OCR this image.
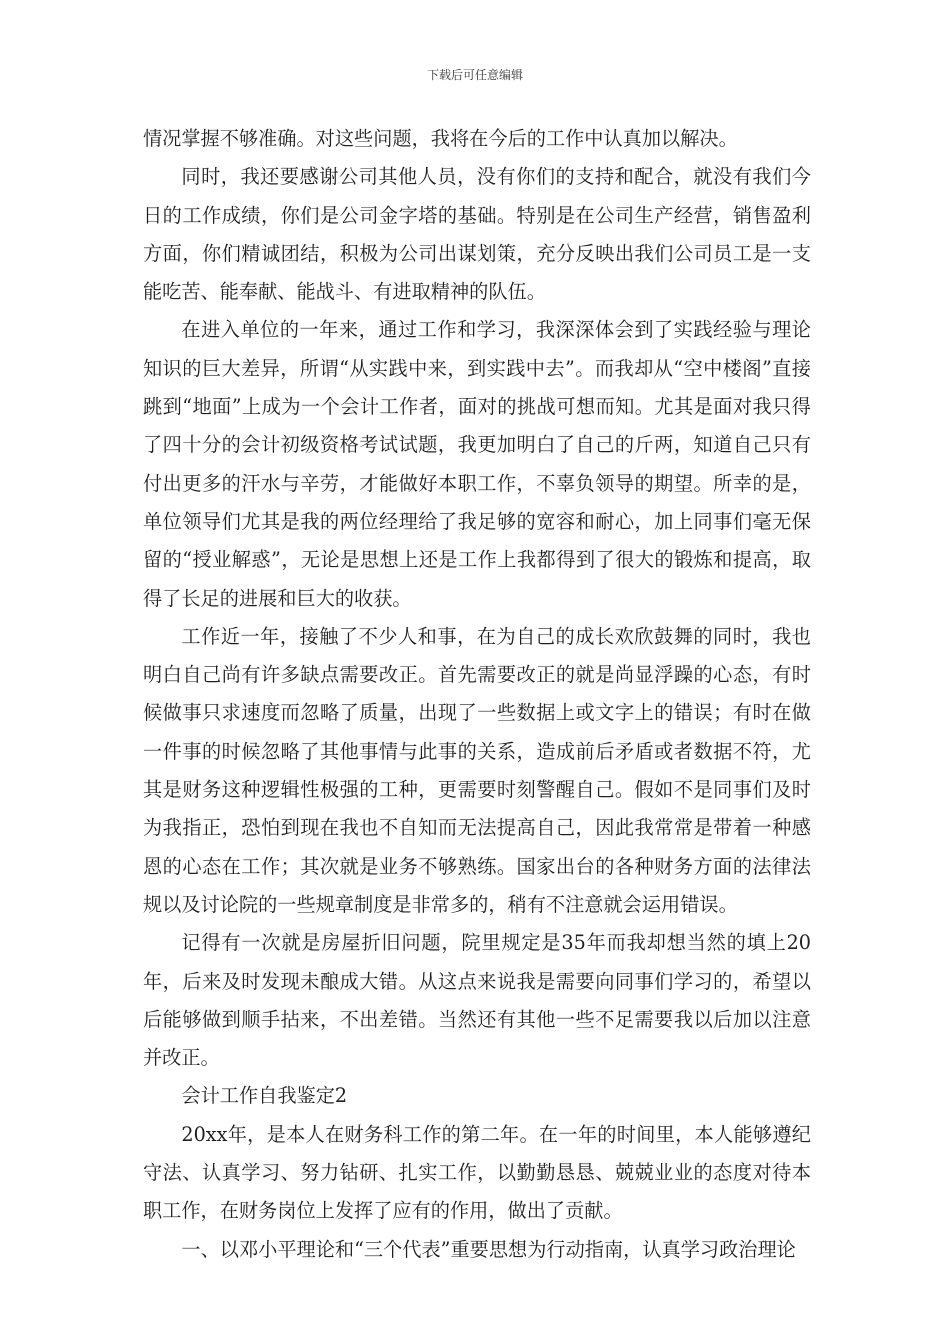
下载后可任意编辑

情况掌握不够准确。对这些问题，我将在今后的工作中认真加以解决。

同时，我还要感谢公司其他人员，没有你们的支持和配合，就没有我们今日的工作成绩，你们是公司金字塔的基础。特别是在公司生产经营，销售盈利方面，你们精诚团结，积极为公司出谋划策，充分反映出我们公司员工是一支能吃苦、能奉献、能战斗、有进取精神的队伍。

在进入单位的一年来，通过工作和学习，我深深体会到了实践经验与理论知识的巨大差异，所谓“从实践中来，到实践中去”。而我却从“空中楼阁”直接跳到“地面”上成为一个会计工作者，面对的挑战可想而知。尤其是面对我只得了四十分的会计初级资格考试试题，我更加明白了自己的斤两，知道自己只有付出更多的汗水与辛劳，才能做好本职工作，不辜负领导的期望。所幸的是，单位领导们尤其是我的两位经理给了我足够的宽容和耐心，加上同事们毫无保留的“授业解惑”，无论是思想上还是工作上我都得到了很大的锻炼和提高，取得了长足的进展和巨大的收获。

工作近一年，接触了不少人和事，在为自己的成长欢欣鼓舞的同时，我也明白自己尚有许多缺点需要改正。首先需要改正的就是尚显浮躁的心态，有时候做事只求速度而忽略了质量，出现了一些数据上或文字上的错误；有时在做一件事的时候忽略了其他事情与此事的关系，造成前后矛盾或者数据不符，尤其是财务这种逻辑性极强的工种，更需要时刻警醒自己。假如不是同事们及时为我指正，恐怕到现在我也不自知而无法提高自己，因此我常常是带着一种感恩的心态在工作；其次就是业务不够熟练。国家出台的各种财务方面的法律法规以及讨论院的一些规章制度是非常多的，稍有不注意就会运用错误。

记得有一次就是房屋折旧问题，院里规定是35年而我却想当然的填上20年，后来及时发现未酿成大错。从这点来说我是需要向同事们学习的，希望以后能够做到顺手拈来，不出差错。当然还有其他一些不足需要我以后加以注意并改正。

会计工作自我鉴定2

20xx年，是本人在财务科工作的第二年。在一年的时间里，本人能够遵纪守法、认真学习、努力钻研、扎实工作，以勤勤恳恳、兢兢业业的态度对待本职工作，在财务岗位上发挥了应有的作用，做出了贡献。

一、以邓小平理论和“三个代表”重要思想为行动指南，认真学习政治理论
